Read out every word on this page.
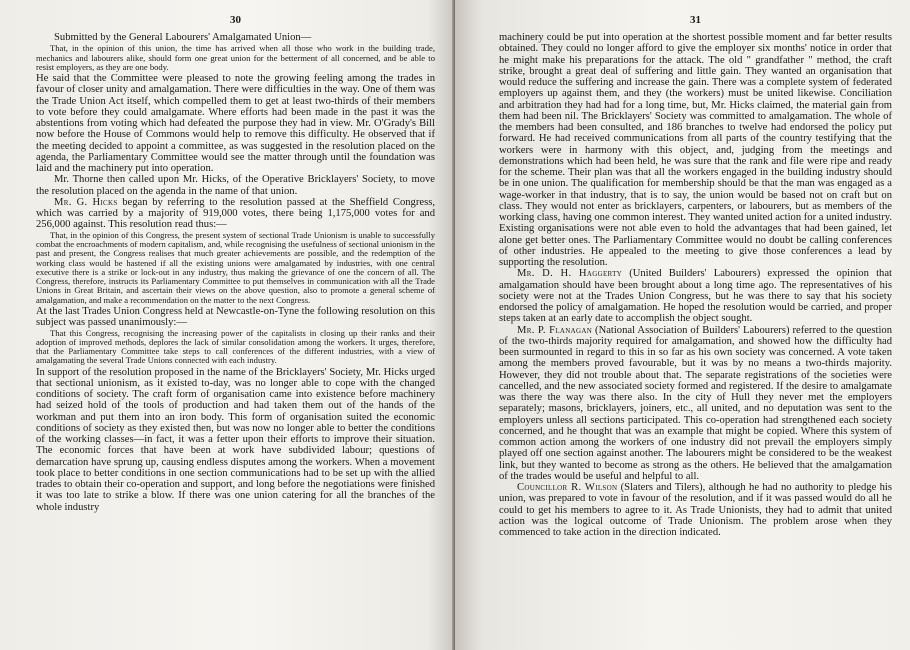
30

Submitted by the General Labourers' Amalgamated Union—

That, in the opinion of this union, the time has arrived when all those who work in the building trade, mechanics and labourers alike, should form one great union for the betterment of all concerned, and be able to resist employers, as they are one body.

He said that the Committee were pleased to note the growing feeling among the trades in favour of closer unity and amalgamation. There were difficulties in the way. One of them was the Trade Union Act itself, which compelled them to get at least two-thirds of their members to vote before they could amalgamate. Where efforts had been made in the past it was the abstentions from voting which had defeated the purpose they had in view. Mr. O'Grady's Bill now before the House of Commons would help to remove this difficulty. He observed that if the meeting decided to appoint a committee, as was suggested in the resolution placed on the agenda, the Parliamentary Committee would see the matter through until the foundation was laid and the machinery put into operation.

Mr. Thorne then called upon Mr. Hicks, of the Operative Bricklayers' Society, to move the resolution placed on the agenda in the name of that union.

Mr. G. Hicks began by referring to the resolution passed at the Sheffield Congress, which was carried by a majority of 919,000 votes, there being 1,175,000 votes for and 256,000 against. This resolution read thus:—

That, in the opinion of this Congress, the present system of sectional Trade Unionism is unable to successfully combat the encroachments of modern capitalism, and, while recognising the usefulness of sectional unionism in the past and present, the Congress realises that much greater achievements are possible, and the redemption of the working class would be hastened if all the existing unions were amalgamated by industries, with one central executive there is a strike or lock-out in any industry, thus making the grievance of one the concern of all. The Congress, therefore, instructs its Parliamentary Committee to put themselves in communication with all the Trade Unions in Great Britain, and ascertain their views on the above question, also to promote a general scheme of amalgamation, and make a recommendation on the matter to the next Congress.

At the last Trades Union Congress held at Newcastle-on-Tyne the following resolution on this subject was passed unanimously:—

That this Congress, recognising the increasing power of the capitalists in closing up their ranks and their adoption of improved methods, deplores the lack of similar consolidation among the workers. It urges, therefore, that the Parliamentary Committee take steps to call conferences of the different industries, with a view of amalgamating the several Trade Unions connected with each industry.

In support of the resolution proposed in the name of the Bricklayers' Society, Mr. Hicks urged that sectional unionism, as it existed to-day, was no longer able to cope with the changed conditions of society. The craft form of organisation came into existence before machinery had seized hold of the tools of production and had taken them out of the hands of the workman and put them into an iron body. This form of organisation suited the economic conditions of society as they existed then, but was now no longer able to better the conditions of the working classes—in fact, it was a fetter upon their efforts to improve their situation. The economic forces that have been at work have subdivided labour; questions of demarcation have sprung up, causing endless disputes among the workers. When a movement took place to better conditions in one section communications had to be set up with the allied trades to obtain their co-operation and support, and long before the negotiations were finished it was too late to strike a blow. If there was one union catering for all the branches of the whole industry

31

machinery could be put into operation at the shortest possible moment and far better results obtained. They could no longer afford to give the employer six months' notice in order that he might make his preparations for the attack. The old " grandfather " method, the craft strike, brought a great deal of suffering and little gain. They wanted an organisation that would reduce the suffering and increase the gain. There was a complete system of federated employers up against them, and they (the workers) must be united likewise. Conciliation and arbitration they had had for a long time, but, Mr. Hicks claimed, the material gain from them had been nil. The Bricklayers' Society was committed to amalgamation. The whole of the members had been consulted, and 186 branches to twelve had endorsed the policy put forward. He had received communications from all parts of the country testifying that the workers were in harmony with this object, and, judging from the meetings and demonstrations which had been held, he was sure that the rank and file were ripe and ready for the scheme. Their plan was that all the workers engaged in the building industry should be in one union. The qualification for membership should be that the man was engaged as a wage-worker in that industry, that is to say, the union would be based not on craft but on class. They would not enter as bricklayers, carpenters, or labourers, but as members of the working class, having one common interest. They wanted united action for a united industry. Existing organisations were not able even to hold the advantages that had been gained, let alone get better ones. The Parliamentary Committee would no doubt be calling conferences of other industries. He appealed to the meeting to give those conferences a lead by supporting the resolution.

Mr. D. H. Haggerty (United Builders' Labourers) expressed the opinion that amalgamation should have been brought about a long time ago. The representatives of his society were not at the Trades Union Congress, but he was there to say that his society endorsed the policy of amalgamation. He hoped the resolution would be carried, and proper steps taken at an early date to accomplish the object sought.

Mr. P. Flanagan (National Association of Builders' Labourers) referred to the question of the two-thirds majority required for amalgamation, and showed how the difficulty had been surmounted in regard to this in so far as his own society was concerned. A vote taken among the members proved favourable, but it was by no means a two-thirds majority. However, they did not trouble about that. The separate registrations of the societies were cancelled, and the new associated society formed and registered. If the desire to amalgamate was there the way was there also. In the city of Hull they never met the employers separately; masons, bricklayers, joiners, etc., all united, and no deputation was sent to the employers unless all sections participated. This co-operation had strengthened each society concerned, and he thought that was an example that might be copied. Where this system of common action among the workers of one industry did not prevail the employers simply played off one section against another. The labourers might be considered to be the weakest link, but they wanted to become as strong as the others. He believed that the amalgamation of the trades would be useful and helpful to all.

Councillor R. Wilson (Slaters and Tilers), although he had no authority to pledge his union, was prepared to vote in favour of the resolution, and if it was passed would do all he could to get his members to agree to it. As Trade Unionists, they had to admit that united action was the logical outcome of Trade Unionism. The problem arose when they commenced to take action in the direction indicated.
